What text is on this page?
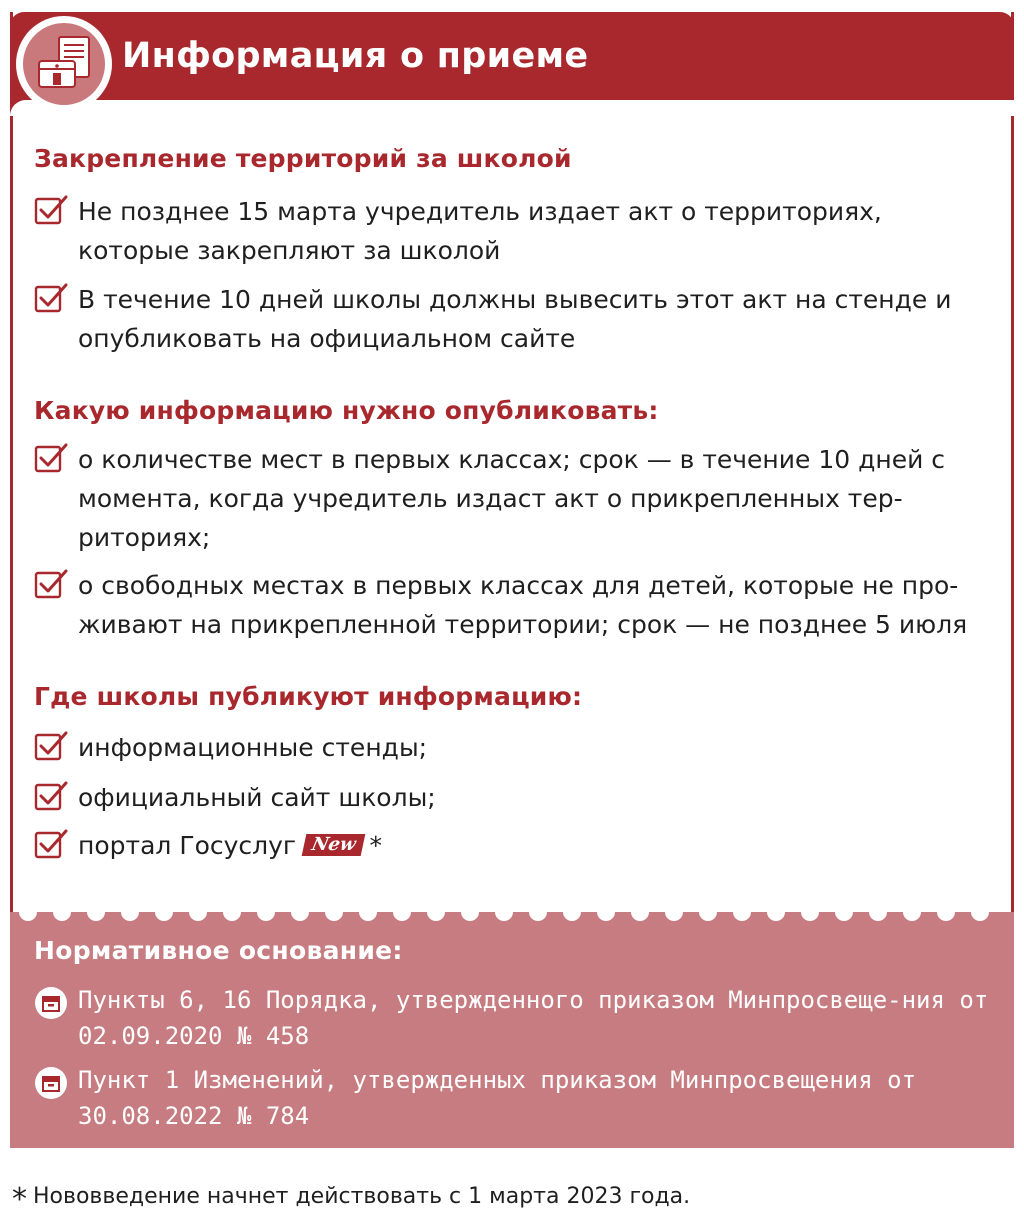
Информация о приеме
Закрепление территорий за школой
Не позднее 15 марта учредитель издает акт о территориях, которые закрепляют за школой
В течение 10 дней школы должны вывесить этот акт на стенде и опубликовать на официальном сайте
Какую информацию нужно опубликовать:
о количестве мест в первых классах; срок — в течение 10 дней с момента, когда учредитель издаст акт о прикрепленных тер-риториях;
о свободных местах в первых классах для детей, которые не про-живают на прикрепленной территории; срок — не позднее 5 июля
Где школы публикуют информацию:
информационные стенды;
официальный сайт школы;
портал Госуслуг New *
Нормативное основание:
Пункты 6, 16 Порядка, утвержденного приказом Минпросвеще-ния от 02.09.2020 № 458
Пункт 1 Изменений, утвержденных приказом Минпросвещения от 30.08.2022 № 784
* Нововведение начнет действовать с 1 марта 2023 года.
